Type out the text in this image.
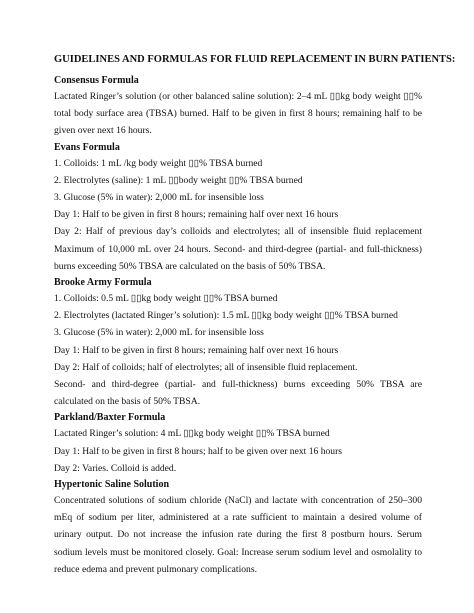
GUIDELINES AND FORMULAS FOR FLUID REPLACEMENT IN BURN PATIENTS:

Consensus Formula

Lactated Ringer’s solution (or other balanced saline solution): 2–4 mL ▯▯kg body weight ▯▯% total body surface area (TBSA) burned. Half to be given in first 8 hours; remaining half to be given over next 16 hours.

Evans Formula

1. Colloids: 1 mL /kg body weight ▯▯% TBSA burned

2. Electrolytes (saline): 1 mL ▯▯body weight ▯▯% TBSA burned

3. Glucose (5% in water): 2,000 mL for insensible loss

Day 1: Half to be given in first 8 hours; remaining half over next 16 hours

Day 2: Half of previous day’s colloids and electrolytes; all of insensible fluid replacement Maximum of 10,000 mL over 24 hours. Second- and third-degree (partial- and full-thickness) burns exceeding 50% TBSA are calculated on the basis of 50% TBSA.

Brooke Army Formula

1. Colloids: 0.5 mL ▯▯kg body weight ▯▯% TBSA burned

2. Electrolytes (lactated Ringer’s solution): 1.5 mL ▯▯kg body weight ▯▯% TBSA burned

3. Glucose (5% in water): 2,000 mL for insensible loss

Day 1: Half to be given in first 8 hours; remaining half over next 16 hours

Day 2: Half of colloids; half of electrolytes; all of insensible fluid replacement.

Second- and third-degree (partial- and full-thickness) burns exceeding 50% TBSA are calculated on the basis of 50% TBSA.

Parkland/Baxter Formula

Lactated Ringer’s solution: 4 mL ▯▯kg body weight ▯▯% TBSA burned

Day 1: Half to be given in first 8 hours; half to be given over next 16 hours

Day 2: Varies. Colloid is added.

Hypertonic Saline Solution

Concentrated solutions of sodium chloride (NaCl) and lactate with concentration of 250–300 mEq of sodium per liter, administered at a rate sufficient to maintain a desired volume of urinary output. Do not increase the infusion rate during the first 8 postburn hours. Serum sodium levels must be monitored closely. Goal: Increase serum sodium level and osmolality to reduce edema and prevent pulmonary complications.
